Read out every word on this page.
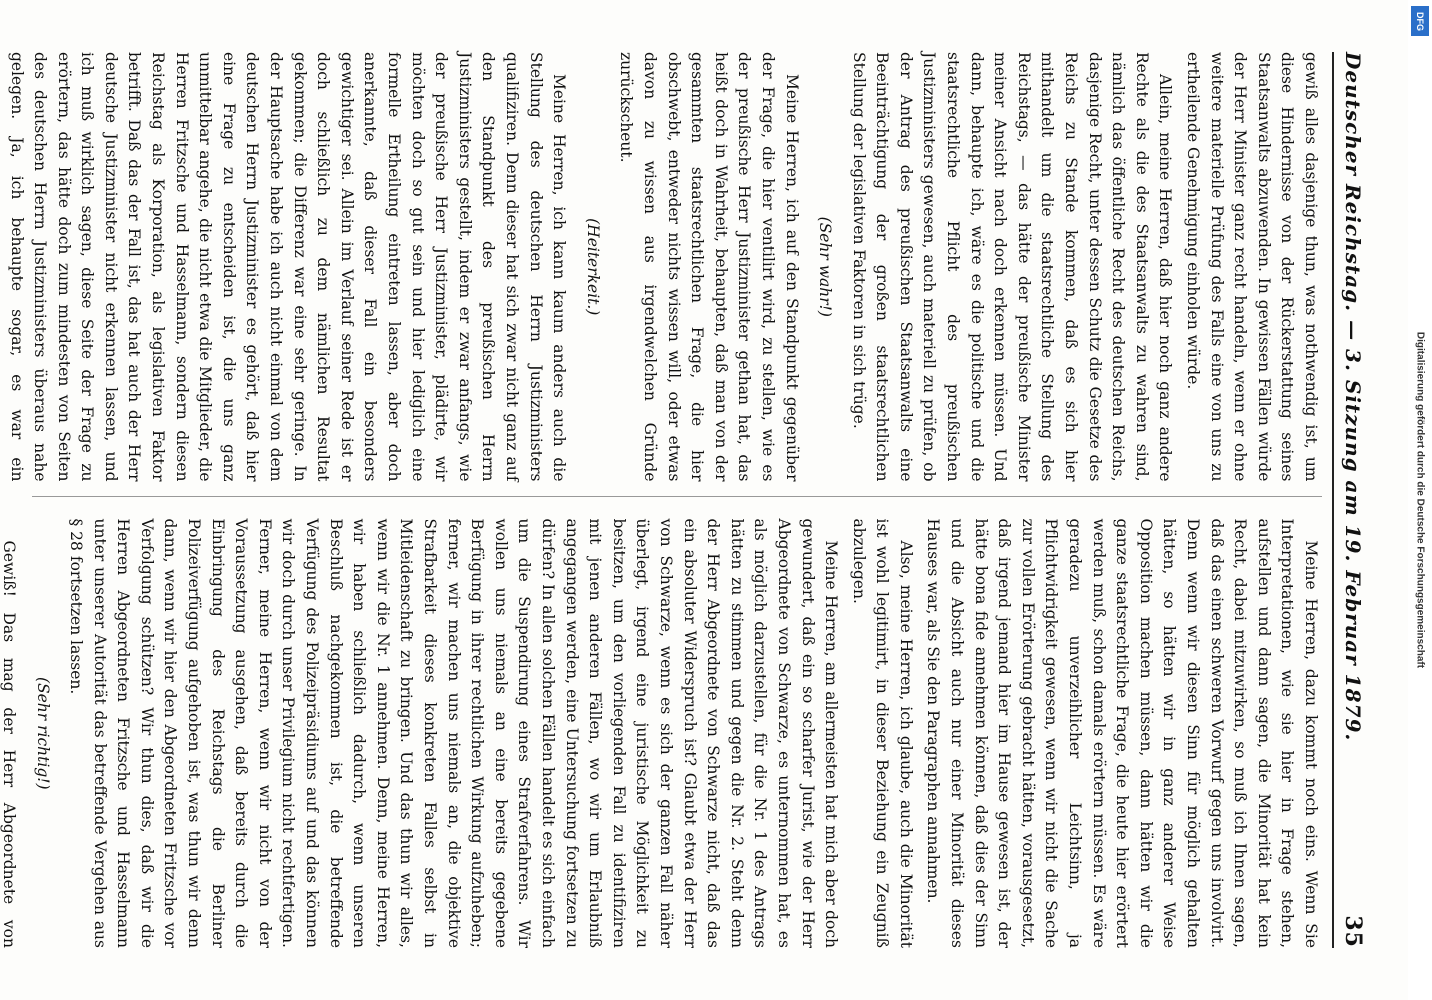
Deutscher Reichstag. — 3. Sitzung am 19. Februar 1879.
35

gewiß alles dasjenige thun, was nothwendig ist, um diese Hindernisse von der Rückerstattung seines Staatsanwalts abzuwenden. In gewissen Fällen würde der Herr Minister ganz recht handeln, wenn er ohne weitere materielle Prüfung des Falls eine von uns zu ertheilende Genehmigung einholen würde.

Allein, meine Herren, daß hier noch ganz andere Rechte als die des Staatsanwalts zu wahren sind, nämlich das öffentliche Recht des deutschen Reichs, dasjenige Recht, unter dessen Schutz die Gesetze des Reichs zu Stande kommen, daß es sich hier mithandelt um die staatsrechtliche Stellung des Reichstags, — das hätte der preußische Minister meiner Ansicht nach doch erkennen müssen. Und dann, behaupte ich, wäre es die politische und die staatsrechtliche Pflicht des preußischen Justizministers gewesen, auch materiell zu prüfen, ob der Antrag des preußischen Staatsanwalts eine Beeinträchtigung der großen staatsrechtlichen Stellung der legislativen Faktoren in sich trüge.

(Sehr wahr!)

Meine Herren, ich auf den Standpunkt gegenüber der Frage, die hier ventilirt wird, zu stellen, wie es der preußische Herr Justizminister gethan hat, das heißt doch in Wahrheit, behaupten, daß man von der gesammten staatsrechtlichen Frage, die hier obschwebt, entweder nichts wissen will, oder etwas davon zu wissen aus irgendwelchen Gründe zurückscheut.

(Heiterkeit.)

Meine Herren, ich kann kaum anders auch die Stellung des deutschen Herrn Justizministers qualifiziren. Denn dieser hat sich zwar nicht ganz auf den Standpunkt des preußischen Herrn Justizministers gestellt, indem er zwar anfangs, wie der preußische Herr Justizminister, plädirte, wir möchten doch so gut sein und hier lediglich eine formelle Ertheilung eintreten lassen, aber doch anerkannte, daß dieser Fall ein besonders gewichtiger sei. Allein im Verlauf seiner Rede ist er doch schließlich zu dem nämlichen Resultat gekommen; die Differenz war eine sehr geringe. In der Hauptsache habe ich auch nicht einmal von dem deutschen Herrn Justizminister es gehört, daß hier eine Frage zu entscheiden ist, die uns ganz unmittelbar angehe, die nicht etwa die Mitglieder, die Herren Fritzsche und Hasselmann, sondern diesen Reichstag als Korporation, als legislativen Faktor betrifft. Daß das der Fall ist, das hat auch der Herr deutsche Justizminister nicht erkennen lassen, und ich muß wirklich sagen, diese Seite der Frage zu erörtern, das hätte doch zum mindesten von Seiten des deutschen Herrn Justizministers überaus nahe gelegen. Ja, ich behaupte sogar, es war ein

Meine Herren, dazu kommt noch eins. Wenn Sie Interpretationen, wie sie hier in Frage stehen, aufstellen und dann sagen, die Minorität hat kein Recht, dabei mitzuwirken, so muß ich Ihnen sagen, daß das einen schweren Vorwurf gegen uns involvirt. Denn wenn wir diesen Sinn für möglich gehalten hätten, so hätten wir in ganz anderer Weise Opposition machen müssen, dann hätten wir die ganze staatsrechtliche Frage, die heute hier erörtert werden muß, schon damals erörtern müssen. Es wäre geradezu unverzeihlicher Leichtsinn, ja Pflichtwidrigkeit gewesen, wenn wir nicht die Sache zur vollen Erörterung gebracht hätten, vorausgesetzt, daß irgend jemand hier im Hause gewesen ist, der hätte bona fide annehmen können, daß dies der Sinn und die Absicht auch nur einer Minorität dieses Hauses war, als Sie den Paragraphen annahmen.

Also, meine Herren, ich glaube, auch die Minorität ist wohl legitimirt, in dieser Beziehung ein Zeugniß abzulegen.

Meine Herren, am allermeisten hat mich aber doch gewundert, daß ein so scharfer Jurist, wie der Herr Abgeordnete von Schwarze, es unternommen hat, es als möglich darzustellen, für die Nr. 1 des Antrags hätten zu stimmen und gegen die Nr. 2. Steht denn der Herr Abgeordnete von Schwarze nicht, daß das ein absoluter Widerspruch ist? Glaubt etwa der Herr von Schwarze, wenn es sich der ganzen Fall näher überlegt, irgend eine juristische Möglichkeit zu besitzen, um den vorliegenden Fall zu identifiziren mit jenen anderen Fällen, wo wir um Erlaubniß angegangen werden, eine Untersuchung fortsetzen zu dürfen? In allen solchen Fällen handelt es sich einfach um die Suspendirung eines Strafverfahrens. Wir wollen uns niemals an eine bereits gegebene Berfügung in ihrer rechtlichen Wirkung aufzuheben; ferner, wir machen uns niemals an, die objektive Strafbarkeit dieses konkreten Falles selbst in Mitleidenschaft zu bringen. Und das thun wir alles, wenn wir die Nr. 1 annehmen. Denn, meine Herren, wir haben schließlich dadurch, wenn unseren Beschluß nachgekommen ist, die betreffende Verfügung des Polizeipräsidiums auf und das können wir doch durch unser Privilegium nicht rechtfertigen. Ferner, meine Herren, wenn wir nicht von der Voraussetzung ausgehen, daß bereits durch die Einbringung des Reichstags die Berliner Polizeiverfügung aufgehoben ist, was thun wir denn dann, wenn wir hier den Abgeordneten Fritzsche vor Verfolgung schützen? Wir thun dies, daß wir die Herren Abgeordneten Fritzsche und Hasselmann unter unserer Autorität das betreffende Vergehen aus § 28 fortsetzen lassen.

(Sehr richtig!)

Gewiß! Das mag der Herr Abgeordnete von

DFG
Digitalisierung gefördert durch die Deutsche Forschungsgemeinschaft
